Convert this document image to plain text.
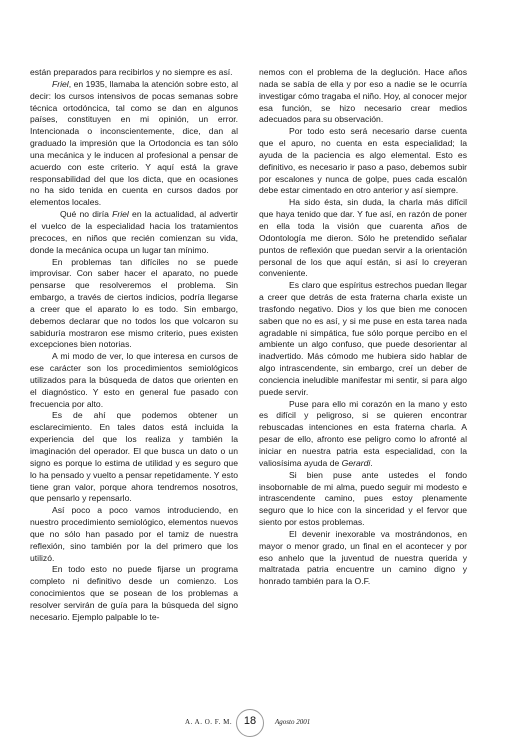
están preparados para recibirlos y no siempre es así.

Friel, en 1935, llamaba la atención sobre esto, al decir: los cursos intensivos de pocas semanas sobre técnica ortodóncica, tal como se dan en algunos países, constituyen en mi opinión, un error. Intencionada o inconscientemente, dice, dan al graduado la impresión que la Ortodoncia es tan sólo una mecánica y le inducen al profesional a pensar de acuerdo con este criterio. Y aquí está la grave responsabilidad del que los dicta, que en ocasiones no ha sido tenida en cuenta en cursos dados por elementos locales.

Qué no diría Friel en la actualidad, al advertir el vuelco de la especialidad hacia los tratamientos precoces, en niños que recién comienzan su vida, donde la mecánica ocupa un lugar tan mínimo.

En problemas tan difíciles no se puede improvisar. Con saber hacer el aparato, no puede pensarse que resolveremos el problema. Sin embargo, a través de ciertos indicios, podría llegarse a creer que el aparato lo es todo. Sin embargo, debemos declarar que no todos los que volcaron su sabiduría mostraron ese mismo criterio, pues existen excepciones bien notorias.

A mi modo de ver, lo que interesa en cursos de ese carácter son los procedimientos semiológicos utilizados para la búsqueda de datos que orienten en el diagnóstico. Y esto en general fue pasado con frecuencia por alto.

Es de ahí que podemos obtener un esclarecimiento. En tales datos está incluida la experiencia del que los realiza y también la imaginación del operador. El que busca un dato o un signo es porque lo estima de utilidad y es seguro que lo ha pensado y vuelto a pensar repetidamente. Y esto tiene gran valor, porque ahora tendremos nosotros, que pensarlo y repensarlo.

Así poco a poco vamos introduciendo, en nuestro procedimiento semiológico, elementos nuevos que no sólo han pasado por el tamiz de nuestra reflexión, sino también por la del primero que los utilizó.

En todo esto no puede fijarse un programa completo ni definitivo desde un comienzo. Los conocimientos que se posean de los problemas a resolver servirán de guía para la búsqueda del signo necesario. Ejemplo palpable lo te-

nemos con el problema de la deglución. Hace años nada se sabía de ella y por eso a nadie se le ocurría investigar cómo tragaba el niño. Hoy, al conocer mejor esa función, se hizo necesario crear medios adecuados para su observación.

Por todo esto será necesario darse cuenta que el apuro, no cuenta en esta especialidad; la ayuda de la paciencia es algo elemental. Esto es definitivo, es necesario ir paso a paso, debemos subir por escalones y nunca de golpe, pues cada escalón debe estar cimentado en otro anterior y así siempre.

Ha sido ésta, sin duda, la charla más difícil que haya tenido que dar. Y fue así, en razón de poner en ella toda la visión que cuarenta años de Odontología me dieron. Sólo he pretendido señalar puntos de reflexión que puedan servir a la orientación personal de los que aquí están, si así lo creyeran conveniente.

Es claro que espíritus estrechos puedan llegar a creer que detrás de esta fraterna charla existe un trasfondo negativo. Dios y los que bien me conocen saben que no es así, y si me puse en esta tarea nada agradable ni simpática, fue sólo porque percibo en el ambiente un algo confuso, que puede desorientar al inadvertido. Más cómodo me hubiera sido hablar de algo intrascendente, sin embargo, creí un deber de conciencia ineludible manifestar mi sentir, si para algo puede servir.

Puse para ello mi corazón en la mano y esto es difícil y peligroso, si se quieren encontrar rebuscadas intenciones en esta fraterna charla. A pesar de ello, afronto ese peligro como lo afronté al iniciar en nuestra patria esta especialidad, con la valiosísima ayuda de Gerardi.

Si bien puse ante ustedes el fondo insobornable de mi alma, puedo seguir mi modesto e intrascendente camino, pues estoy plenamente seguro que lo hice con la sinceridad y el fervor que siento por estos problemas.

El devenir inexorable va mostrándonos, en mayor o menor grado, un final en el acontecer y por eso anhelo que la juventud de nuestra querida y maltratada patria encuentre un camino digno y honrado también para la O.F.

A. A. O. F. M.	18	Agosto 2001
